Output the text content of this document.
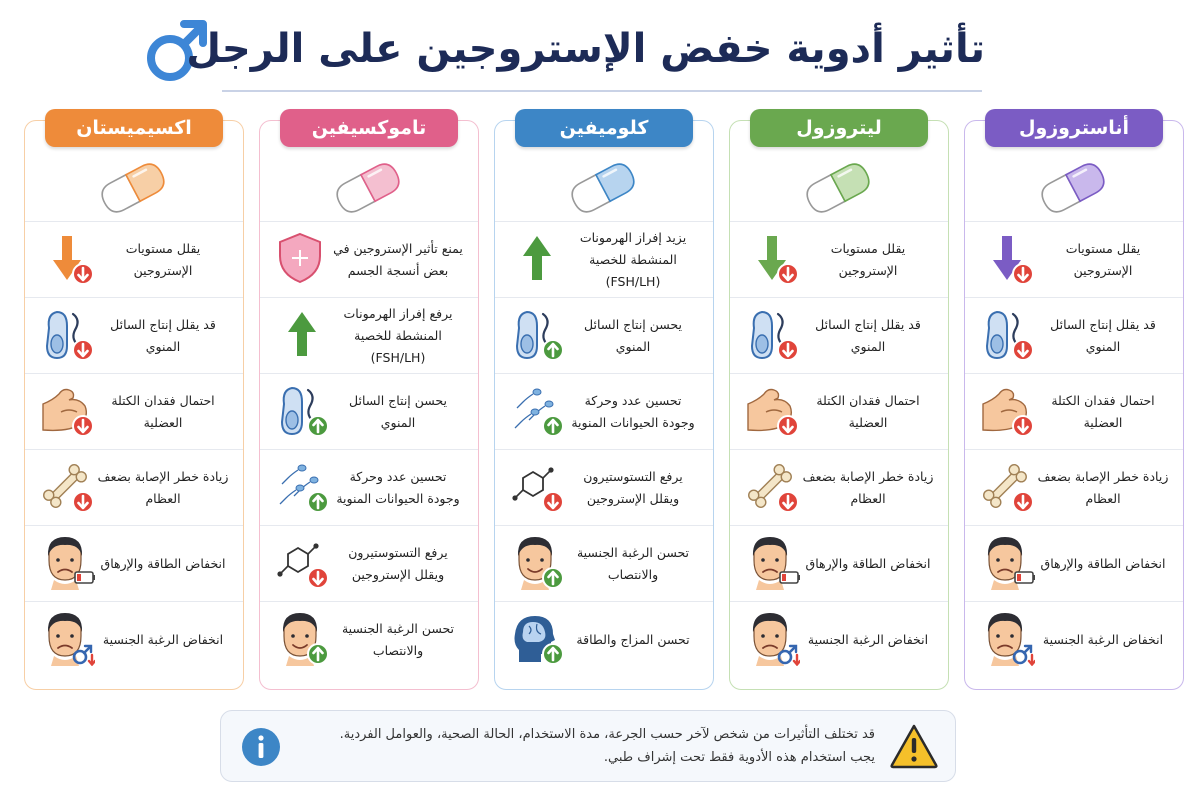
تأثير أدوية خفض الإستروجين على الرجل
أناستروزول
يقلل مستويات الإستروجين
قد يقلل إنتاج السائل المنوي
احتمال فقدان الكتلة العضلية
زيادة خطر الإصابة بضعف العظام
انخفاض الطاقة والإرهاق
انخفاض الرغبة الجنسية
ليتروزول
يقلل مستويات الإستروجين
قد يقلل إنتاج السائل المنوي
احتمال فقدان الكتلة العضلية
زيادة خطر الإصابة بضعف العظام
انخفاض الطاقة والإرهاق
انخفاض الرغبة الجنسية
كلوميفين
يزيد إفراز الهرمونات المنشطة للخصية (FSH/LH)
يحسن إنتاج السائل المنوي
تحسين عدد وحركة وجودة الحيوانات المنوية
يرفع التستوستيرون ويقلل الإستروجين
تحسن الرغبة الجنسية والانتصاب
تحسن المزاج والطاقة
تاموكسيفين
يمنع تأثير الإستروجين في بعض أنسجة الجسم
يرفع إفراز الهرمونات المنشطة للخصية (FSH/LH)
يحسن إنتاج السائل المنوي
تحسين عدد وحركة وجودة الحيوانات المنوية
يرفع التستوستيرون ويقلل الإستروجين
تحسن الرغبة الجنسية والانتصاب
اكسيميستان
يقلل مستويات الإستروجين
قد يقلل إنتاج السائل المنوي
احتمال فقدان الكتلة العضلية
زيادة خطر الإصابة بضعف العظام
انخفاض الطاقة والإرهاق
انخفاض الرغبة الجنسية
قد تختلف التأثيرات من شخص لآخر حسب الجرعة، مدة الاستخدام، الحالة الصحية، والعوامل الفردية.
يجب استخدام هذه الأدوية فقط تحت إشراف طبي.
